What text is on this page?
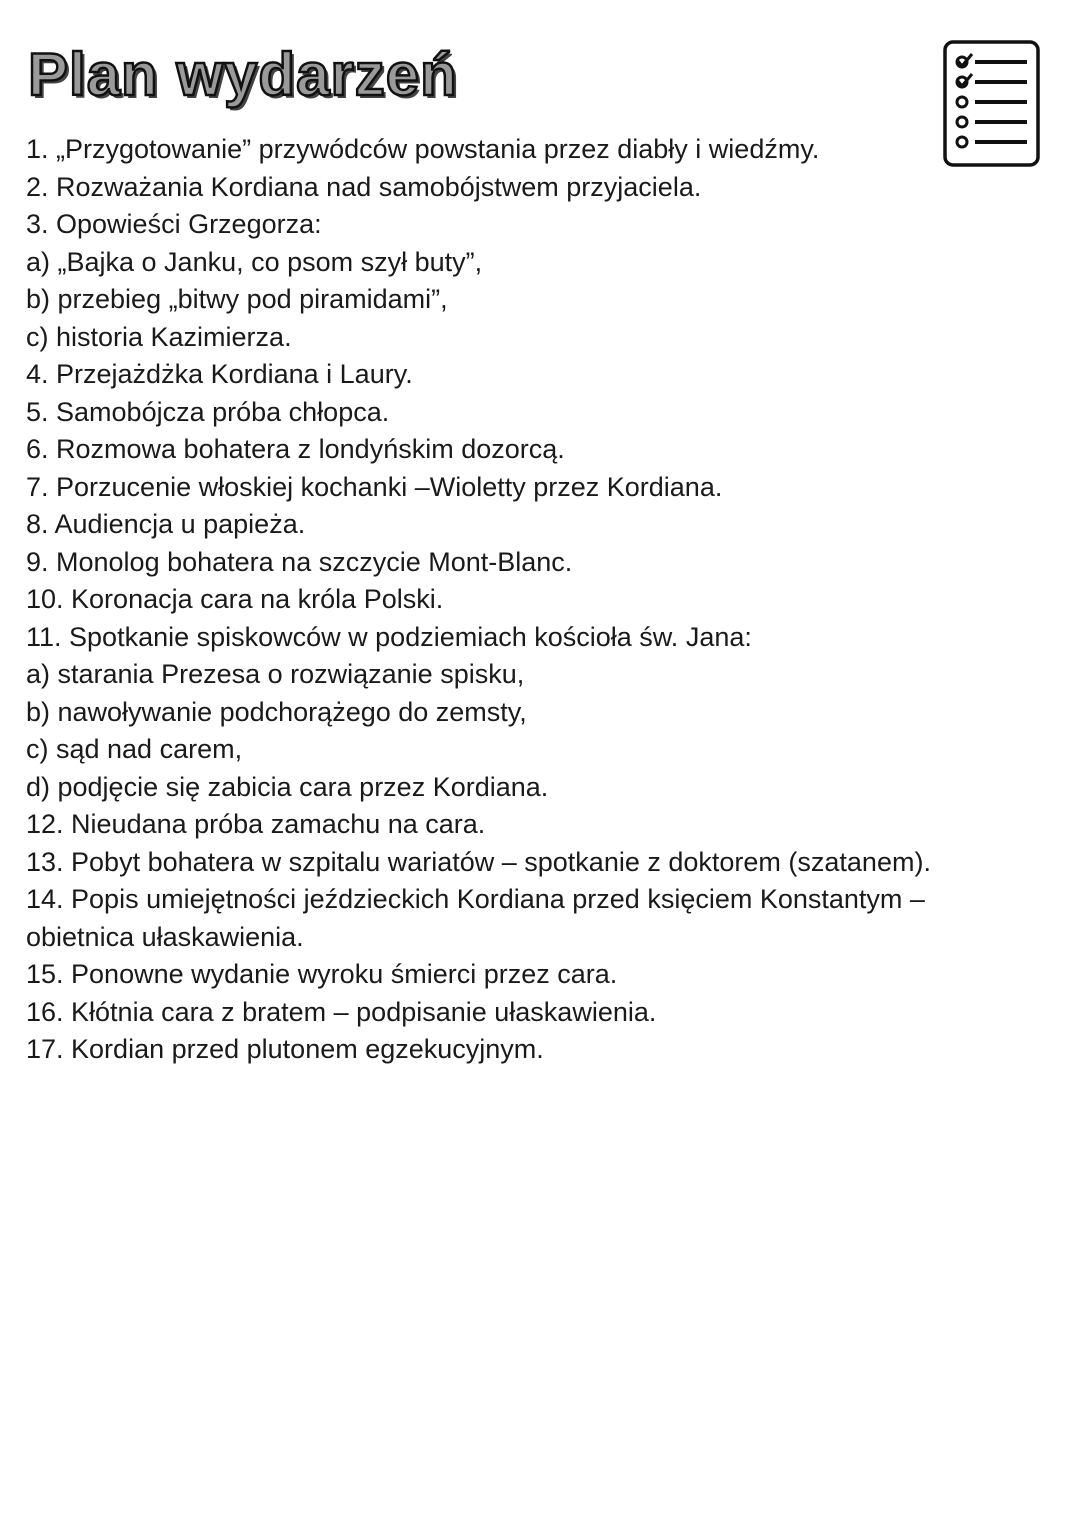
Plan wydarzeń
1. „Przygotowanie” przywódców powstania przez diabły i wiedźmy.
2. Rozważania Kordiana nad samobójstwem przyjaciela.
3. Opowieści Grzegorza:
a) „Bajka o Janku, co psom szył buty”,
b) przebieg „bitwy pod piramidami”,
c) historia Kazimierza.
4. Przejażdżka Kordiana i Laury.
5. Samobójcza próba chłopca.
6. Rozmowa bohatera z londyńskim dozorcą.
7. Porzucenie włoskiej kochanki –Wioletty przez Kordiana.
8. Audiencja u papieża.
9. Monolog bohatera na szczycie Mont-Blanc.
10. Koronacja cara na króla Polski.
11. Spotkanie spiskowców w podziemiach kościoła św. Jana:
a) starania Prezesa o rozwiązanie spisku,
b) nawoływanie podchorążego do zemsty,
c) sąd nad carem,
d) podjęcie się zabicia cara przez Kordiana.
12. Nieudana próba zamachu na cara.
13. Pobyt bohatera w szpitalu wariatów – spotkanie z doktorem (szatanem).
14. Popis umiejętności jeździeckich Kordiana przed księciem Konstantym –
obietnica ułaskawienia.
15. Ponowne wydanie wyroku śmierci przez cara.
16. Kłótnia cara z bratem – podpisanie ułaskawienia.
17. Kordian przed plutonem egzekucyjnym.
